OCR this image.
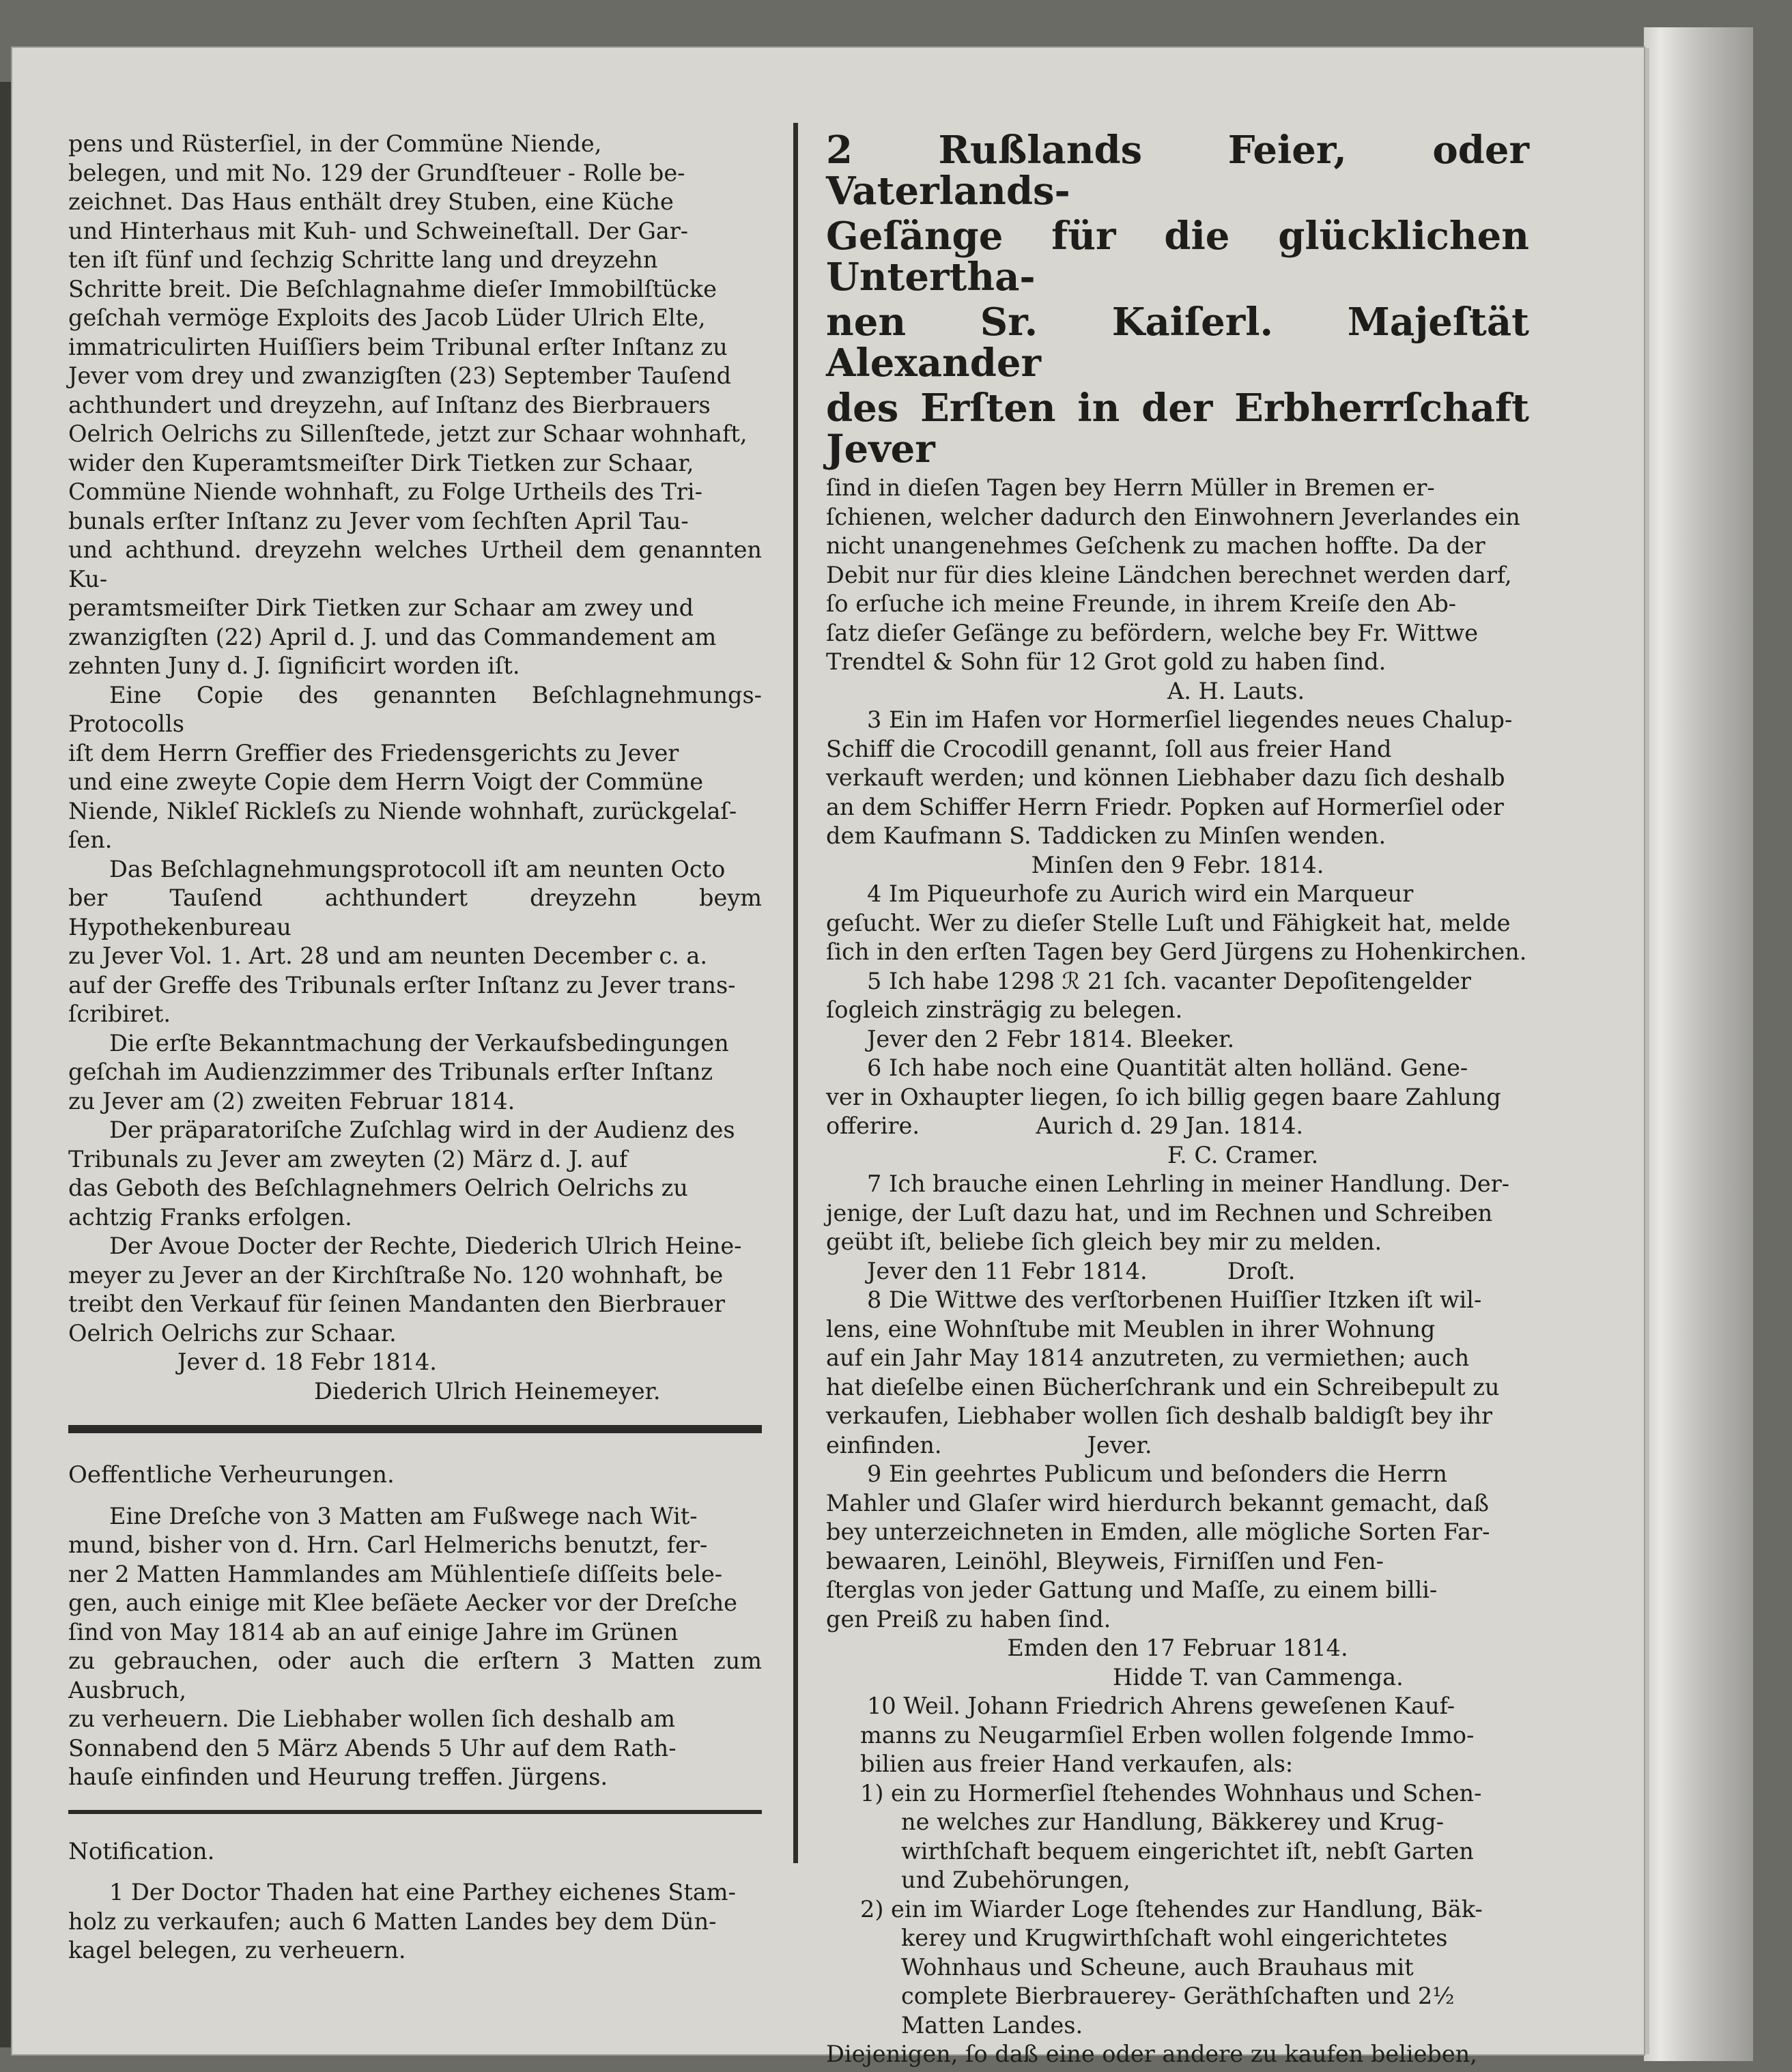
pens und Rüsterſiel, in der Commüne Niende,

belegen, und mit No. 129 der Grundſteuer - Rolle be-

zeichnet. Das Haus enthält drey Stuben, eine Küche

und Hinterhaus mit Kuh- und Schweineſtall. Der Gar-

ten iſt fünf und ſechzig Schritte lang und dreyzehn

Schritte breit. Die Beſchlagnahme dieſer Immobilſtücke

geſchah vermöge Exploits des Jacob Lüder Ulrich Elte,

immatriculirten Huiſſiers beim Tribunal erſter Inſtanz zu

Jever vom drey und zwanzigſten (23) September Tauſend

achthundert und dreyzehn, auf Inſtanz des Bierbrauers

Oelrich Oelrichs zu Sillenſtede, jetzt zur Schaar wohnhaft,

wider den Kuperamtsmeiſter Dirk Tietken zur Schaar,

Commüne Niende wohnhaft, zu Folge Urtheils des Tri-

bunals erſter Inſtanz zu Jever vom ſechſten April Tau-

und achthund. dreyzehn welches Urtheil dem genannten Ku-

peramtsmeiſter Dirk Tietken zur Schaar am zwey und

zwanzigſten (22) April d. J. und das Commandement am

zehnten Juny d. J. ſignificirt worden iſt.

Eine Copie des genannten Beſchlagnehmungs-Protocolls

iſt dem Herrn Greffier des Friedensgerichts zu Jever

und eine zweyte Copie dem Herrn Voigt der Commüne

Niende, Nikleſ Rickleſs zu Niende wohnhaft, zurückgelaſ-

ſen.

Das Beſchlagnehmungsprotocoll iſt am neunten Octo

ber Tauſend achthundert dreyzehn beym Hypothekenbureau

zu Jever Vol. 1. Art. 28 und am neunten December c. a.

auf der Greffe des Tribunals erſter Inſtanz zu Jever trans-

ſcribiret.

Die erſte Bekanntmachung der Verkaufsbedingungen

geſchah im Audienzzimmer des Tribunals erſter Inſtanz

zu Jever am (2) zweiten Februar 1814.

Der präparatoriſche Zuſchlag wird in der Audienz des

Tribunals zu Jever am zweyten (2) März d. J. auf

das Geboth des Beſchlagnehmers Oelrich Oelrichs zu

achtzig Franks erfolgen.

Der Avoue Docter der Rechte, Diederich Ulrich Heine-

meyer zu Jever an der Kirchſtraße No. 120 wohnhaft, be

treibt den Verkauf für ſeinen Mandanten den Bierbrauer

Oelrich Oelrichs zur Schaar.

Jever d. 18 Febr 1814.

Diederich Ulrich Heinemeyer.

Oeffentliche Verheurungen.

Eine Dreſche von 3 Matten am Fußwege nach Wit-

mund, bisher von d. Hrn. Carl Helmerichs benutzt, fer-

ner 2 Matten Hammlandes am Mühlentieſe diſſeits bele-

gen, auch einige mit Klee beſäete Aecker vor der Dreſche

ſind von May 1814 ab an auf einige Jahre im Grünen

zu gebrauchen, oder auch die erſtern 3 Matten zum Ausbruch,

zu verheuern. Die Liebhaber wollen ſich deshalb am

Sonnabend den 5 März Abends 5 Uhr auf dem Rath-

hauſe einfinden und Heurung treffen. Jürgens.

Notification.

1 Der Doctor Thaden hat eine Parthey eichenes Stam-

holz zu verkaufen; auch 6 Matten Landes bey dem Dün-

kagel belegen, zu verheuern.

2 Rußlands Feier, oder Vaterlands-

Geſänge für die glücklichen Untertha-

nen Sr. Kaiſerl. Majeſtät Alexander

des Erſten in der Erbherrſchaft Jever

ſind in dieſen Tagen bey Herrn Müller in Bremen er-

ſchienen, welcher dadurch den Einwohnern Jeverlandes ein

nicht unangenehmes Geſchenk zu machen hoffte. Da der

Debit nur für dies kleine Ländchen berechnet werden darf,

ſo erſuche ich meine Freunde, in ihrem Kreiſe den Ab-

ſatz dieſer Geſänge zu befördern, welche bey Fr. Wittwe

Trendtel & Sohn für 12 Grot gold zu haben ſind.

A. H. Lauts.

3 Ein im Hafen vor Hormerſiel liegendes neues Chalup-

Schiff die Crocodill genannt, ſoll aus freier Hand

verkauft werden; und können Liebhaber dazu ſich deshalb

an dem Schiffer Herrn Friedr. Popken auf Hormerſiel oder

dem Kaufmann S. Taddicken zu Minſen wenden.

Minſen den 9 Febr. 1814.

4 Im Piqueurhofe zu Aurich wird ein Marqueur

geſucht. Wer zu dieſer Stelle Luſt und Fähigkeit hat, melde

ſich in den erſten Tagen bey Gerd Jürgens zu Hohenkirchen.

5 Ich habe 1298 ℛ 21 ſch. vacanter Depoſitengelder

ſogleich zinsträgig zu belegen.

Jever den 2 Febr 1814. Bleeker.

6 Ich habe noch eine Quantität alten holländ. Gene-

ver in Oxhaupter liegen, ſo ich billig gegen baare Zahlung

offerire.                Aurich d. 29 Jan. 1814.

F. C. Cramer.

7 Ich brauche einen Lehrling in meiner Handlung. Der-

jenige, der Luſt dazu hat, und im Rechnen und Schreiben

geübt iſt, beliebe ſich gleich bey mir zu melden.

Jever den 11 Febr 1814.           Droſt.

8 Die Wittwe des verſtorbenen Huiſſier Itzken iſt wil-

lens, eine Wohnſtube mit Meublen in ihrer Wohnung

auf ein Jahr May 1814 anzutreten, zu vermiethen; auch

hat dieſelbe einen Bücherſchrank und ein Schreibepult zu

verkaufen, Liebhaber wollen ſich deshalb baldigſt bey ihr

einfinden.                    Jever.

9 Ein geehrtes Publicum und beſonders die Herrn

Mahler und Glaſer wird hierdurch bekannt gemacht, daß

bey unterzeichneten in Emden, alle mögliche Sorten Far-

bewaaren, Leinöhl, Bleyweis, Firniſſen und Fen-

ſterglas von jeder Gattung und Maſſe, zu einem billi-

gen Preiß zu haben ſind.

Emden den 17 Februar 1814.

Hidde T. van Cammenga.

10 Weil. Johann Friedrich Ahrens geweſenen Kauf-

manns zu Neugarmſiel Erben wollen folgende Immo-

bilien aus freier Hand verkaufen, als:

1) ein zu Hormerſiel ſtehendes Wohnhaus und Schen-

ne welches zur Handlung, Bäkkerey und Krug-

wirthſchaft bequem eingerichtet iſt, nebſt Garten

und Zubehörungen,

2) ein im Wiarder Loge ſtehendes zur Handlung, Bäk-

kerey und Krugwirthſchaft wohl eingerichtetes

Wohnhaus und Scheune, auch Brauhaus mit

complete Bierbrauerey- Geräthſchaften und 2½

Matten Landes.

Diejenigen, ſo daß eine oder andere zu kaufen belieben,
